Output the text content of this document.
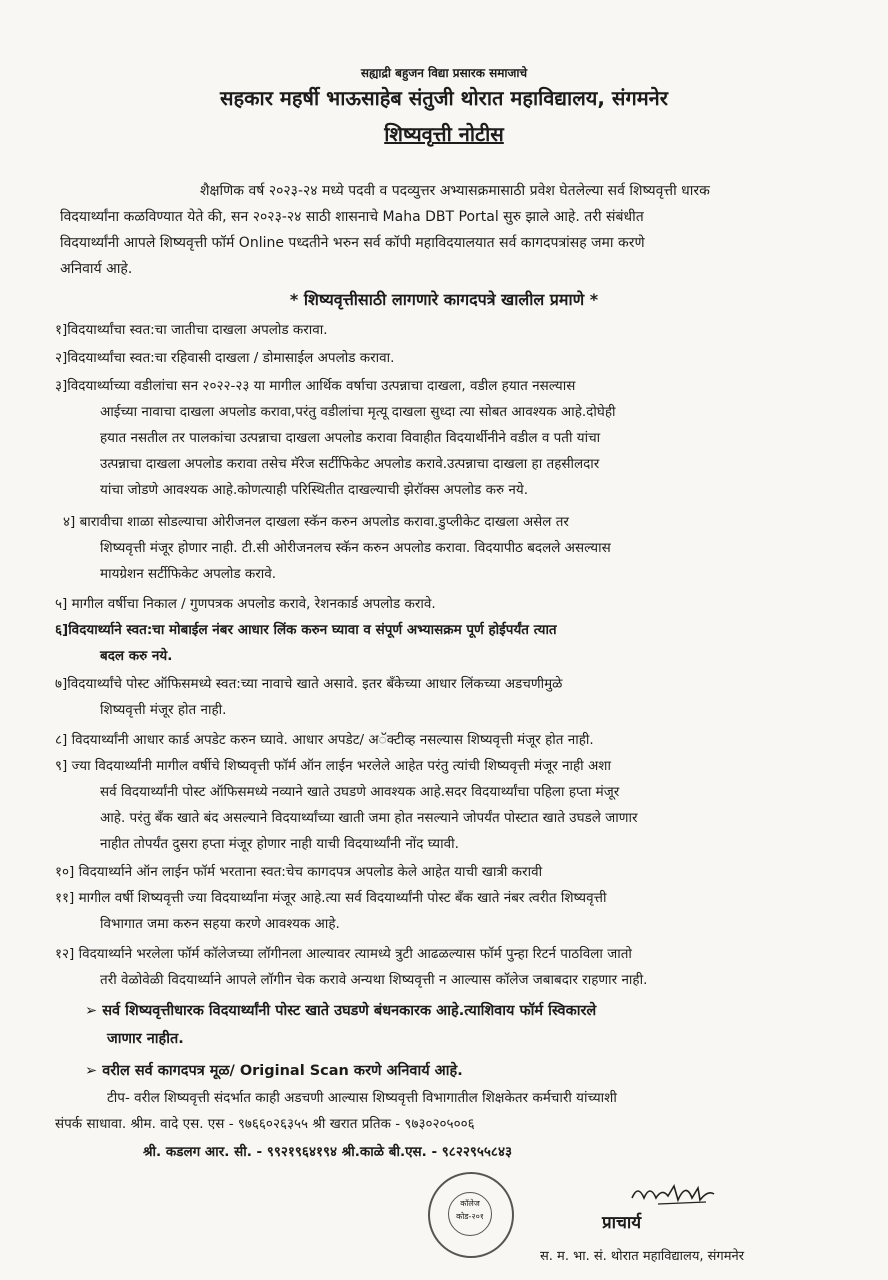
सह्याद्री बहुजन विद्या प्रसारक समाजाचे
सहकार महर्षी भाऊसाहेब संतुजी थोरात महाविद्यालय, संगमनेर
शिष्यवृत्ती नोटीस

शैक्षणिक वर्ष २०२३-२४ मध्ये पदवी व पदव्युत्तर अभ्यासक्रमासाठी प्रवेश घेतलेल्या सर्व शिष्यवृत्ती धारक

विदयार्थ्यांना कळविण्यात येते की, सन २०२३-२४ साठी शासनाचे Maha DBT Portal सुरु झाले आहे. तरी संबंधीत

विदयार्थ्यांनी आपले शिष्यवृत्ती फॉर्म Online पध्दतीने भरुन सर्व कॉपी महाविदयालयात सर्व कागदपत्रांसह जमा करणे

अनिवार्य आहे.

* शिष्यवृत्तीसाठी लागणारे कागदपत्रे खालील प्रमाणे *
१]विदयार्थ्यांचा स्वत:चा जातीचा दाखला अपलोड करावा.
२]विदयार्थ्यांचा स्वत:चा रहिवासी दाखला / डोमासाईल अपलोड करावा.
३]विदयार्थ्याच्या वडीलांचा सन २०२२-२३ या मागील आर्थिक वर्षाचा उत्पन्नाचा दाखला, वडील हयात नसल्यास
आईच्या नावाचा दाखला अपलोड करावा,परंतु वडीलांचा मृत्यू दाखला सुध्दा त्या सोबत आवश्यक आहे.दोघेही
हयात नसतील तर पालकांचा उत्पन्नाचा दाखला अपलोड करावा विवाहीत विदयार्थीनीने वडील व पती यांचा
उत्पन्नाचा दाखला अपलोड करावा तसेच मॅरेज सर्टीफिकेट अपलोड करावे.उत्पन्नाचा दाखला हा तहसीलदार
यांचा जोडणे आवश्यक आहे.कोणत्याही परिस्थितीत दाखल्याची झेरॉक्स अपलोड करु नये.
४] बारावीचा शाळा सोडल्याचा ओरीजनल दाखला स्कॅन करुन अपलोड करावा.डुप्लीकेट दाखला असेल तर
शिष्यवृत्ती मंजूर होणार नाही. टी.सी ओरीजनलच स्कॅन करुन अपलोड करावा. विदयापीठ बदलले असल्यास
मायग्रेशन सर्टीफिकेट अपलोड करावे.
५] मागील वर्षीचा निकाल / गुणपत्रक अपलोड करावे, रेशनकार्ड अपलोड करावे.
६]विदयार्थ्याने स्वत:चा मोबाईल नंबर आधार लिंक करुन घ्यावा व संपूर्ण अभ्यासक्रम पूर्ण होईपर्यंत त्यात
बदल करु नये.
७]विदयार्थ्यांचे पोस्ट ऑफिसमध्ये स्वत:च्या नावाचे खाते असावे. इतर बँकेच्या आधार लिंकच्या अडचणीमुळे
शिष्यवृत्ती मंजूर होत नाही.
८] विदयार्थ्यांनी आधार कार्ड अपडेट करुन घ्यावे. आधार अपडेट/ अॅक्टीव्ह नसल्यास शिष्यवृत्ती मंजूर होत नाही.
९] ज्या विदयार्थ्यांनी मागील वर्षीचे शिष्यवृत्ती फॉर्म ऑन लाईन भरलेले आहेत परंतु त्यांची शिष्यवृत्ती मंजूर नाही अशा
सर्व विदयार्थ्यांनी पोस्ट ऑफिसमध्ये नव्याने खाते उघडणे आवश्यक आहे.सदर विदयार्थ्यांचा पहिला हप्ता मंजूर
आहे. परंतु बँक खाते बंद असल्याने विदयार्थ्यांच्या खाती जमा होत नसल्याने जोपर्यंत पोस्टात खाते उघडले जाणार
नाहीत तोपर्यंत दुसरा हप्ता मंजूर होणार नाही याची विदयार्थ्यांनी नोंद घ्यावी.
१०] विदयार्थ्याने ऑन लाईन फॉर्म भरताना स्वत:चेच कागदपत्र अपलोड केले आहेत याची खात्री करावी
११] मागील वर्षी शिष्यवृत्ती ज्या विदयार्थ्यांना मंजूर आहे.त्या सर्व विदयार्थ्यांनी पोस्ट बँक खाते नंबर त्वरीत शिष्यवृत्ती
विभागात जमा करुन सहया करणे आवश्यक आहे.
१२] विदयार्थ्याने भरलेला फॉर्म कॉलेजच्या लॉगीनला आल्यावर त्यामध्ये त्रुटी आढळल्यास फॉर्म पुन्हा रिटर्न पाठविला जातो
तरी वेळोवेळी विदयार्थ्याने आपले लॉगीन चेक करावे अन्यथा शिष्यवृत्ती न आल्यास कॉलेज जबाबदार राहणार नाही.
➢ सर्व शिष्यवृत्तीधारक विदयार्थ्यांनी पोस्ट खाते उघडणे बंधनकारक आहे.त्याशिवाय फॉर्म स्विकारले
जाणार नाहीत.
➢ वरील सर्व कागदपत्र मूळ/ Original Scan करणे अनिवार्य आहे.
टीप- वरील शिष्यवृत्ती संदर्भात काही अडचणी आल्यास शिष्यवृत्ती विभागातील शिक्षकेतर कर्मचारी यांच्याशी
संपर्क साधावा. श्रीम. वादे एस. एस - ९७६६०२६३५५ श्री खरात प्रतिक - ९७३०२०५००६
श्री. कडलग आर. सी. - ९९२१९६४१९४ श्री.काळे बी.एस. - ९८२२९५५८४३
कॉलेज
कोड-२०१	प्राचार्य
स. म. भा. सं. थोरात महाविद्यालय, संगमनेर
